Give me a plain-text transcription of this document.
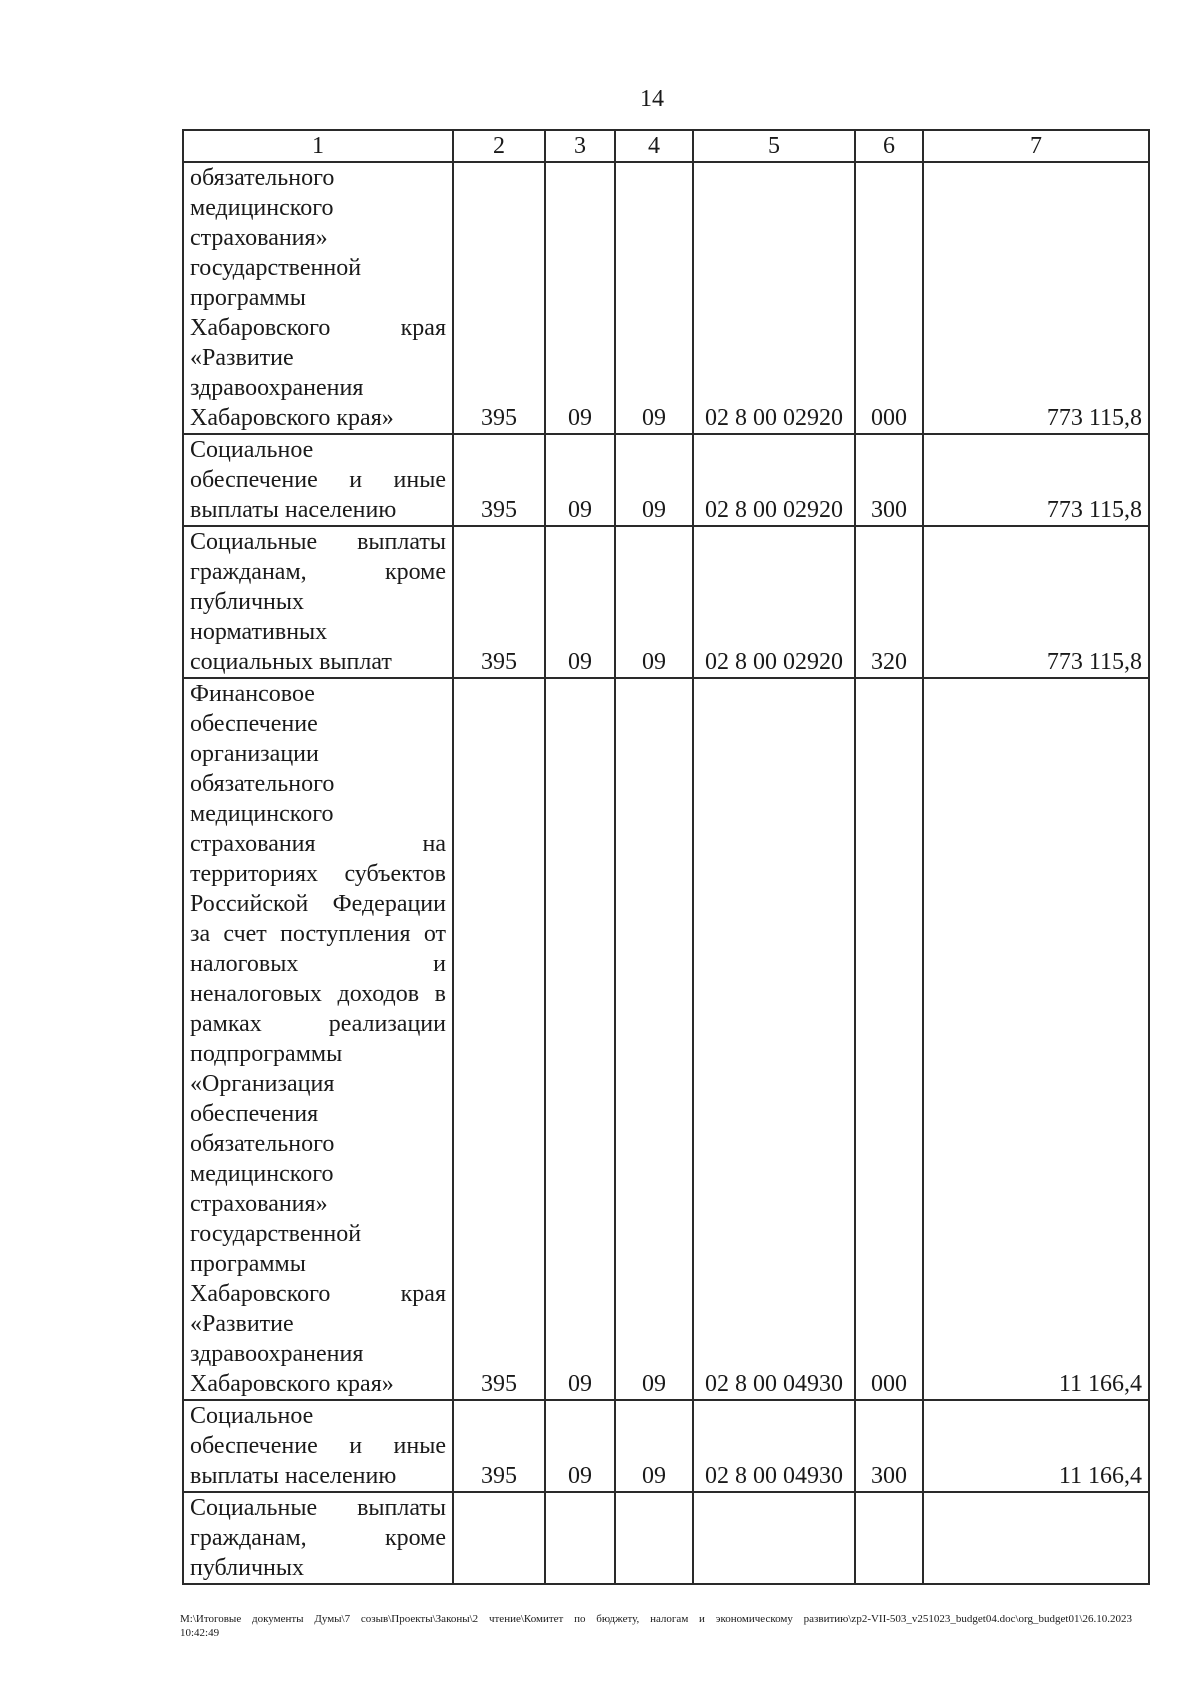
14
1	2	3	4	5	6	7
обязательного медицинского страхования» государственной программы Хабаровского края «Развитие здравоохранения Хабаровского края»	395	09	09	02 8 00 02920	000	773 115,8
Социальное обеспечение и иные выплаты населению	395	09	09	02 8 00 02920	300	773 115,8
Социальные выплаты гражданам, кроме публичных нормативных социальных выплат	395	09	09	02 8 00 02920	320	773 115,8
Финансовое обеспечение организации обязательного медицинского страхования на территориях субъектов Российской Федерации за счет поступления от налоговых и неналоговых доходов в рамках реализации подпрограммы «Организация обеспечения обязательного медицинского страхования» государственной программы Хабаровского края «Развитие здравоохранения Хабаровского края»	395	09	09	02 8 00 04930	000	11 166,4
Социальное обеспечение и иные выплаты населению	395	09	09	02 8 00 04930	300	11 166,4
Социальные выплаты гражданам, кроме публичных						
M:\Итоговые документы Думы\7 созыв\Проекты\Законы\2 чтение\Комитет по бюджету, налогам и экономическому развитию\zp2-VII-503_v251023_budget04.doc\org_budget01\26.10.2023 10:42:49
